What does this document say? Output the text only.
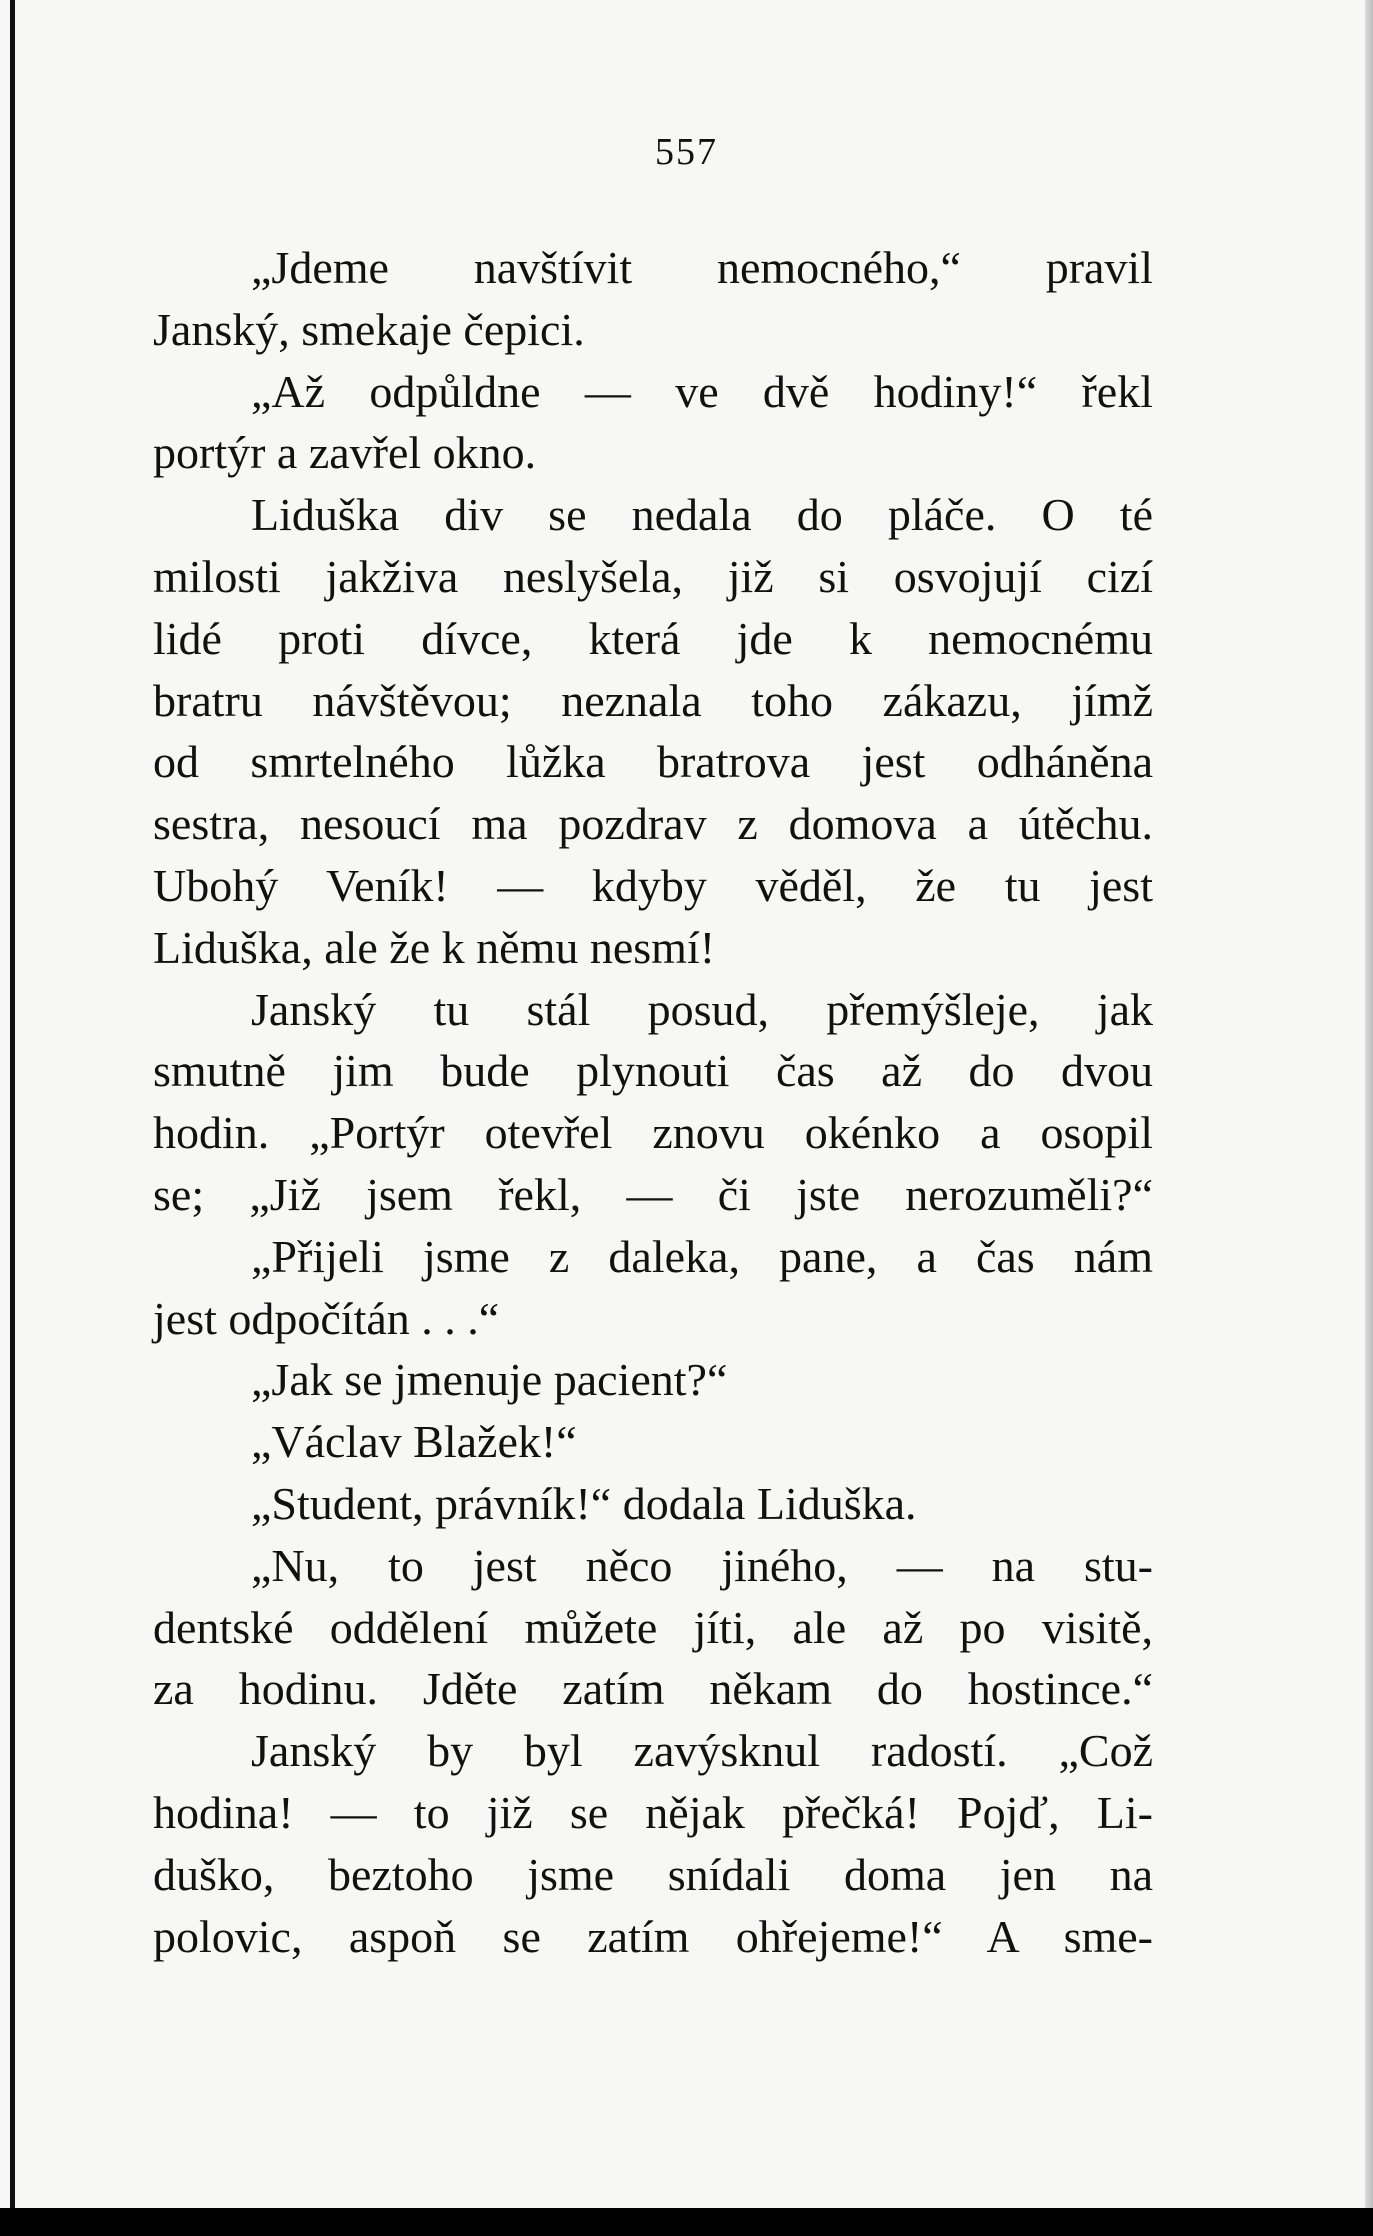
557
„Jdeme navštívit nemocného,“ pravil
Janský, smekaje čepici.
„Až odpůldne — ve dvě hodiny!“ řekl
portýr a zavřel okno.
Liduška div se nedala do pláče. O té
milosti jakživa neslyšela, již si osvojují cizí
lidé proti dívce, která jde k nemocnému
bratru návštěvou; neznala toho zákazu, jímž
od smrtelného lůžka bratrova jest odháněna
sestra, nesoucí ma pozdrav z domova a útěchu.
Ubohý Veník! — kdyby věděl, že tu jest
Liduška, ale že k němu nesmí!
Janský tu stál posud, přemýšleje, jak
smutně jim bude plynouti čas až do dvou
hodin. „Portýr otevřel znovu okénko a osopil
se; „Již jsem řekl, — či jste nerozuměli?“
„Přijeli jsme z daleka, pane, a čas nám
jest odpočítán . . .“
„Jak se jmenuje pacient?“
„Václav Blažek!“
„Student, právník!“ dodala Liduška.
„Nu, to jest něco jiného, — na stu-
dentské oddělení můžete jíti, ale až po visitě,
za hodinu. Jděte zatím někam do hostince.“
Janský by byl zavýsknul radostí. „Což
hodina! — to již se nějak přečká! Pojď, Li-
duško, beztoho jsme snídali doma jen na
polovic, aspoň se zatím ohřejeme!“ A sme-
